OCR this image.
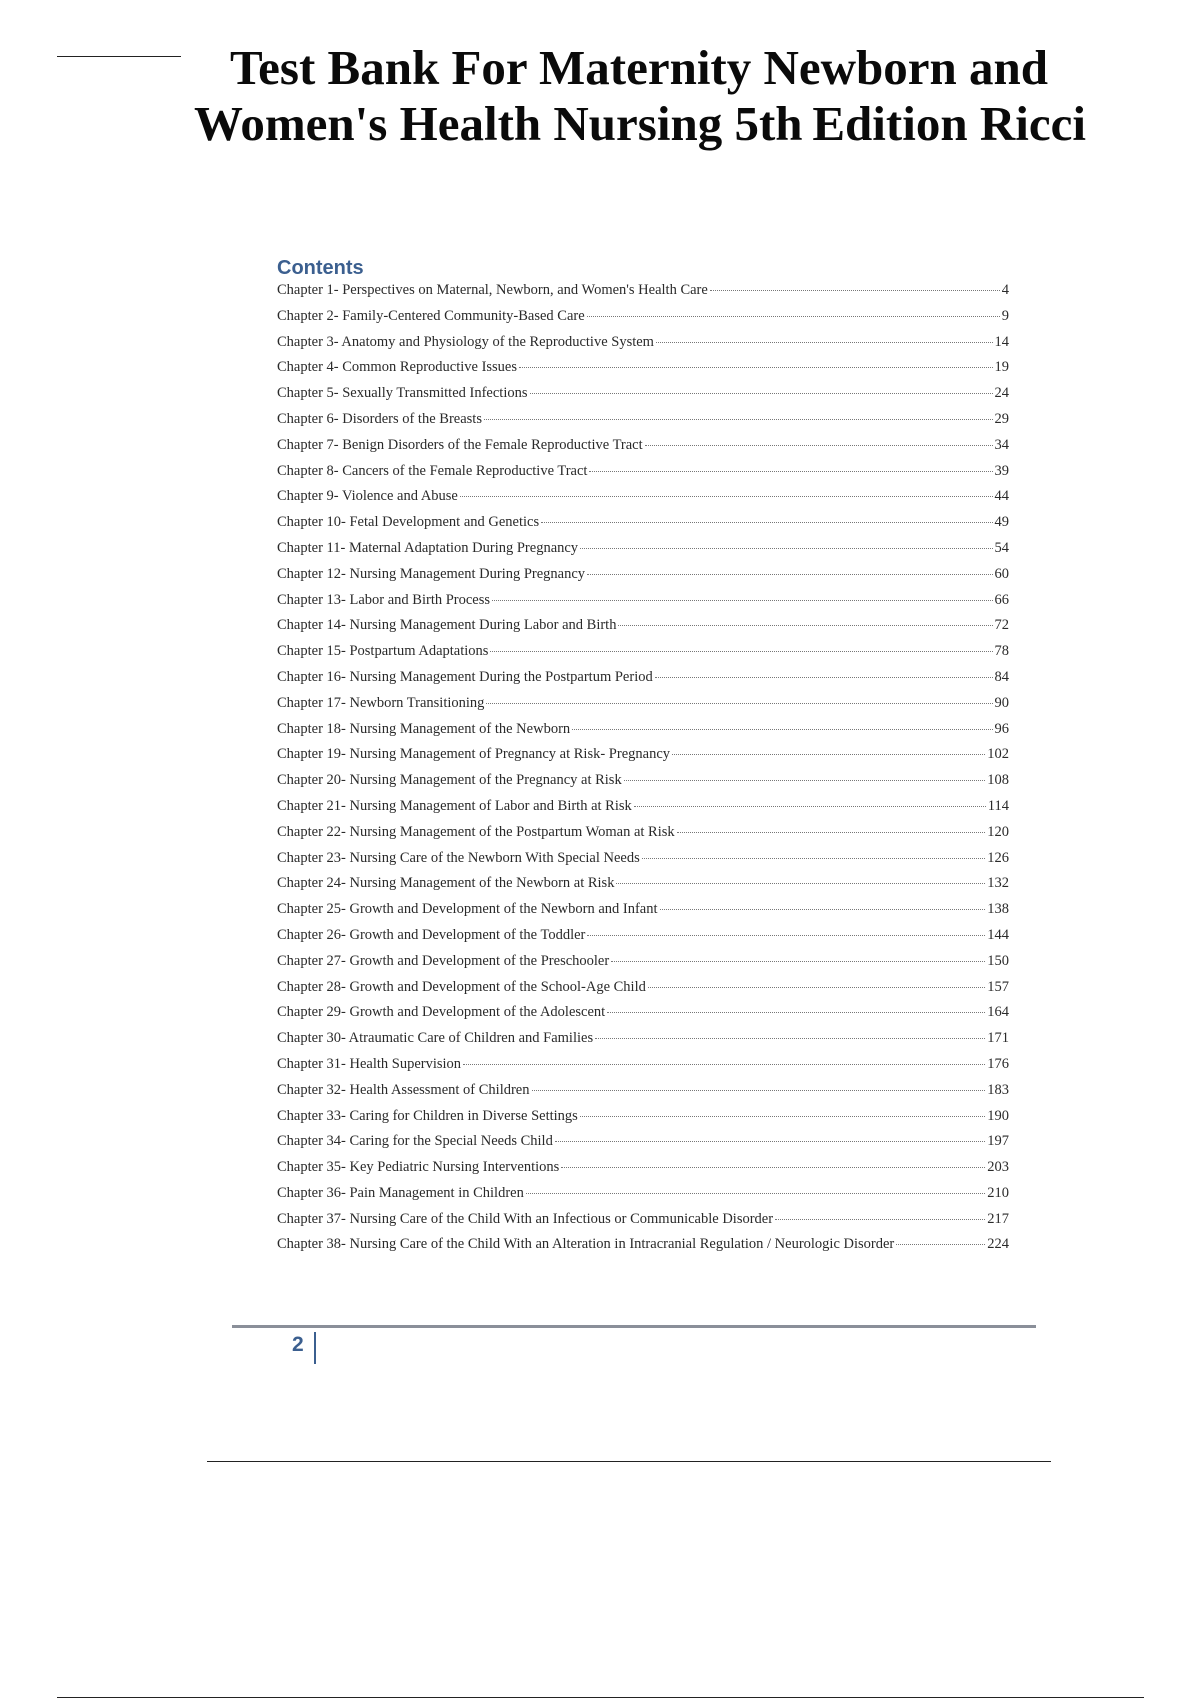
Test Bank For Maternity Newborn and
Women's Health Nursing 5th Edition Ricci
Contents
Chapter 1- Perspectives on Maternal, Newborn, and Women's Health Care	4
Chapter 2- Family-Centered Community-Based Care	9
Chapter 3- Anatomy and Physiology of the Reproductive System	14
Chapter 4- Common Reproductive Issues	19
Chapter 5- Sexually Transmitted Infections	24
Chapter 6- Disorders of the Breasts	29
Chapter 7- Benign Disorders of the Female Reproductive Tract	34
Chapter 8- Cancers of the Female Reproductive Tract	39
Chapter 9- Violence and Abuse	44
Chapter 10- Fetal Development and Genetics	49
Chapter 11- Maternal Adaptation During Pregnancy	54
Chapter 12- Nursing Management During Pregnancy	60
Chapter 13- Labor and Birth Process	66
Chapter 14- Nursing Management During Labor and Birth	72
Chapter 15- Postpartum Adaptations	78
Chapter 16- Nursing Management During the Postpartum Period	84
Chapter 17- Newborn Transitioning	90
Chapter 18- Nursing Management of the Newborn	96
Chapter 19- Nursing Management of Pregnancy at Risk- Pregnancy	102
Chapter 20- Nursing Management of the Pregnancy at Risk	108
Chapter 21- Nursing Management of Labor and Birth at Risk	114
Chapter 22- Nursing Management of the Postpartum Woman at Risk	120
Chapter 23- Nursing Care of the Newborn With Special Needs	126
Chapter 24- Nursing Management of the Newborn at Risk	132
Chapter 25- Growth and Development of the Newborn and Infant	138
Chapter 26- Growth and Development of the Toddler	144
Chapter 27- Growth and Development of the Preschooler	150
Chapter 28- Growth and Development of the School-Age Child	157
Chapter 29- Growth and Development of the Adolescent	164
Chapter 30- Atraumatic Care of Children and Families	171
Chapter 31- Health Supervision	176
Chapter 32- Health Assessment of Children	183
Chapter 33- Caring for Children in Diverse Settings	190
Chapter 34- Caring for the Special Needs Child	197
Chapter 35- Key Pediatric Nursing Interventions	203
Chapter 36- Pain Management in Children	210
Chapter 37- Nursing Care of the Child With an Infectious or Communicable Disorder	217
Chapter 38- Nursing Care of the Child With an Alteration in Intracranial Regulation / Neurologic Disorder	224
2
